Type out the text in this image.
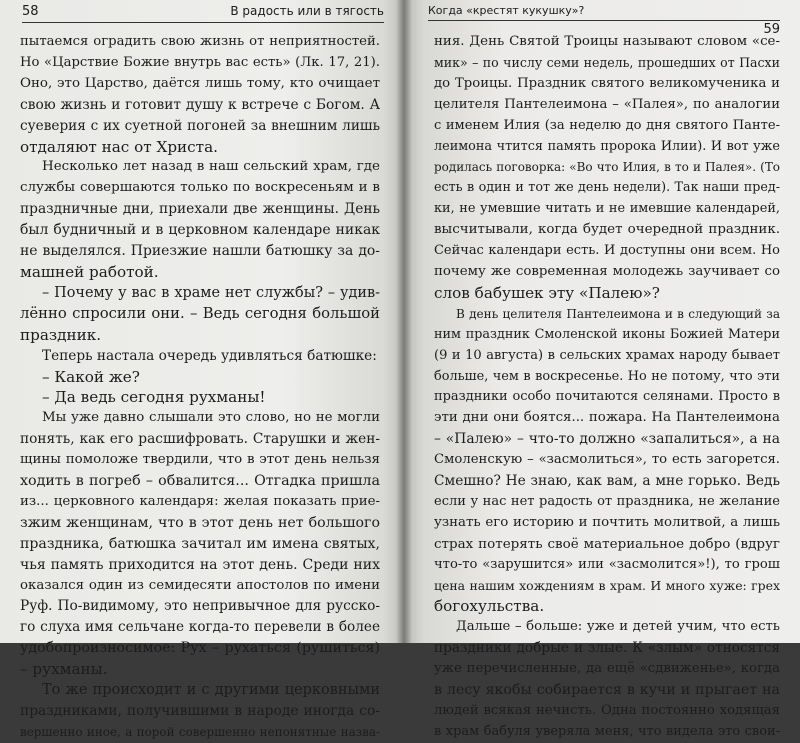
58	В радость или в тягость
пытаемся оградить свою жизнь от неприятностей.
Но «Царствие Божие внутрь вас есть» (Лк. 17, 21).
Оно, это Царство, даётся лишь тому, кто очищает
свою жизнь и готовит душу к встрече с Богом. А
суеверия с их суетной погоней за внешним лишь
отдаляют нас от Христа.
Несколько лет назад в наш сельский храм, где
службы совершаются только по воскресеньям и в
праздничные дни, приехали две женщины. День
был будничный и в церковном календаре никак
не выделялся. Приезжие нашли батюшку за до-
машней работой.
– Почему у вас в храме нет службы? – удив-
лённо спросили они. – Ведь сегодня большой
праздник.
Теперь настала очередь удивляться батюшке:
– Какой же?
– Да ведь сегодня рухманы!
Мы уже давно слышали это слово, но не могли
понять, как его расшифровать. Старушки и жен-
щины помоложе твердили, что в этот день нельзя
ходить в погреб – обвалится... Отгадка пришла
из... церковного календаря: желая показать прие-
зжим женщинам, что в этот день нет большого
праздника, батюшка зачитал им имена святых,
чья память приходится на этот день. Среди них
оказался один из семидесяти апостолов по имени
Руф. По-видимому, это непривычное для русско-
го слуха имя сельчане когда-то перевели в более
удобопроизносимое: Рух – рухаться (рушиться)
– рухманы.
То же происходит и с другими церковными
праздниками, получившими в народе иногда со-
вершенно иное, а порой совершенно непонятные назва-
Когда «крестят кукушку»?
59
ния. День Святой Троицы называют словом «се-
мик» – по числу семи недель, прошедших от Пасхи
до Троицы. Праздник святого великомученика и
целителя Пантелеимона – «Палея», по аналогии
с именем Илия (за неделю до дня святого Панте-
леимона чтится память пророка Илии). И вот уже
родилась поговорка: «Во что Илия, в то и Палея». (То
есть в один и тот же день недели). Так наши пред-
ки, не умевшие читать и не имевшие календарей,
высчитывали, когда будет очередной праздник.
Сейчас календари есть. И доступны они всем. Но
почему же современная молодежь заучивает со
слов бабушек эту «Палею»?
В день целителя Пантелеимона и в следующий за
ним праздник Смоленской иконы Божией Матери
(9 и 10 августа) в сельских храмах народу бывает
больше, чем в воскресенье. Но не потому, что эти
праздники особо почитаются селянами. Просто в
эти дни они боятся... пожара. На Пантелеимона
– «Палею» – что-то должно «запалиться», а на
Смоленскую – «засмолиться», то есть загорется.
Смешно? Не знаю, как вам, а мне горько. Ведь
если у нас нет радость от праздника, не желание
узнать его историю и почтить молитвой, а лишь
страх потерять своё материальное добро (вдруг
что-то «зарушится» или «засмолится»!), то грош
цена нашим хождениям в храм. И много хуже: грех
богохульства.
Дальше – больше: уже и детей учим, что есть
праздники добрые и злые. К «злым» относятся
уже перечисленные, да ещё «сдвиженье», когда
в лесу якобы собирается в кучи и прыгает на
людей всякая нечисть. Одна постоянно ходящая
в храм бабуля уверяла меня, что видела это свои-
